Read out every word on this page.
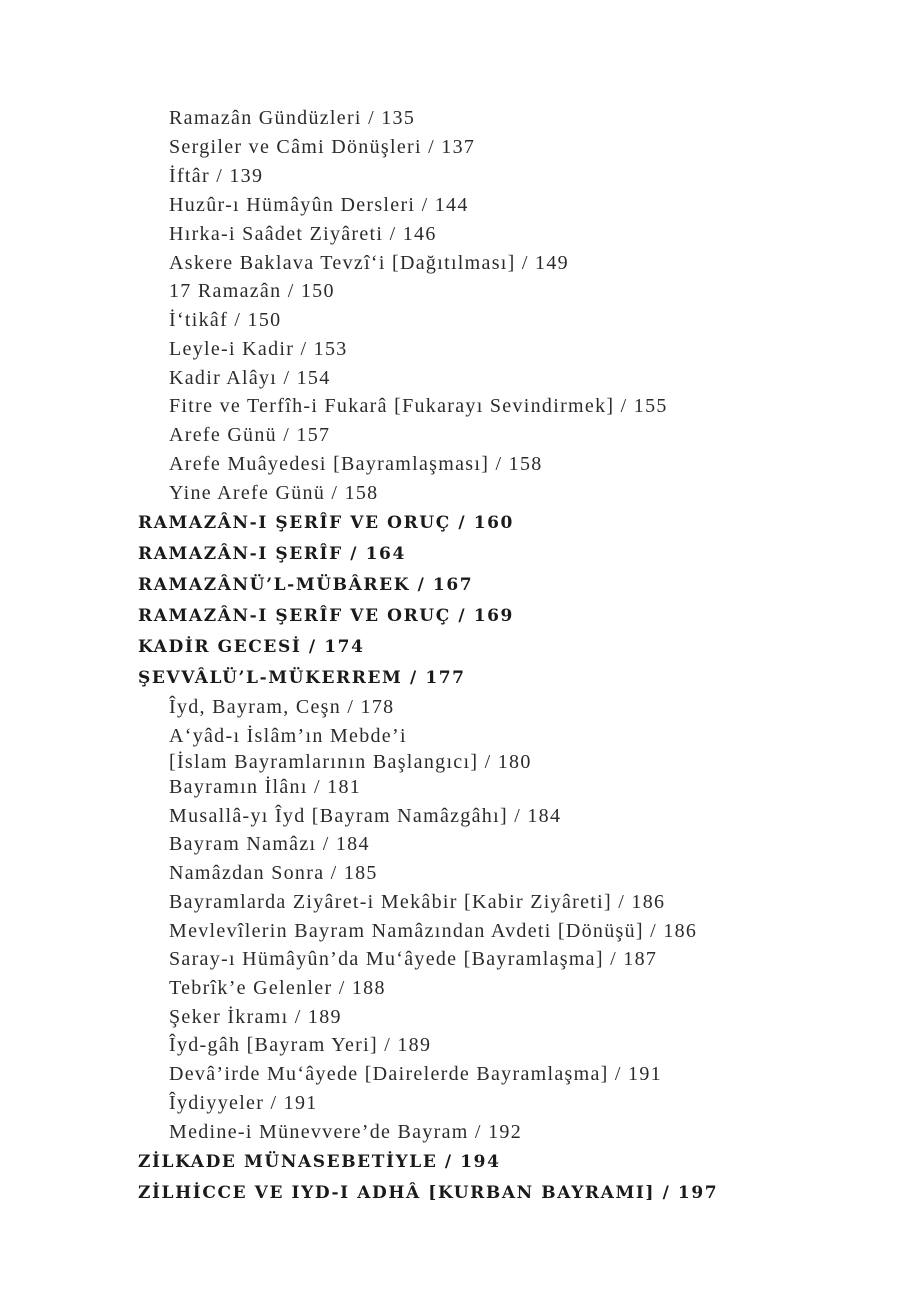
Ramazân Gündüzleri / 135
Sergiler ve Câmi Dönüşleri / 137
İftâr / 139
Huzûr-ı Hümâyûn Dersleri / 144
Hırka-i Saâdet Ziyâreti / 146
Askere Baklava Tevzî‘i [Dağıtılması] / 149
17 Ramazân / 150
İ‘tikâf / 150
Leyle-i Kadir / 153
Kadir Alâyı / 154
Fitre ve Terfîh-i Fukarâ [Fukarayı Sevindirmek] / 155
Arefe Günü / 157
Arefe Muâyedesi [Bayramlaşması] / 158
Yine Arefe Günü / 158
RAMAZÂN-I ŞERÎF VE ORUÇ / 160
RAMAZÂN-I ŞERÎF / 164
RAMAZÂNÜ’L-MÜBÂREK / 167
RAMAZÂN-I ŞERÎF VE ORUÇ / 169
KADİR GECESİ / 174
ŞEVVÂLÜ’L-MÜKERREM / 177
Îyd, Bayram, Ceşn / 178
A‘yâd-ı İslâm’ın Mebde’i
[İslam Bayramlarının Başlangıcı] / 180
Bayramın İlânı / 181
Musallâ-yı Îyd [Bayram Namâzgâhı] / 184
Bayram Namâzı / 184
Namâzdan Sonra / 185
Bayramlarda Ziyâret-i Mekâbir [Kabir Ziyâreti] / 186
Mevlevîlerin Bayram Namâzından Avdeti [Dönüşü] / 186
Saray-ı Hümâyûn’da Mu‘âyede [Bayramlaşma] / 187
Tebrîk’e Gelenler / 188
Şeker İkramı / 189
Îyd-gâh [Bayram Yeri] / 189
Devâ’irde Mu‘âyede [Dairelerde Bayramlaşma] / 191
Îydiyyeler / 191
Medine-i Münevvere’de Bayram / 192
ZİLKADE MÜNASEBETİYLE / 194
ZİLHİCCE VE IYD-I ADHÂ [KURBAN BAYRAMI] / 197
